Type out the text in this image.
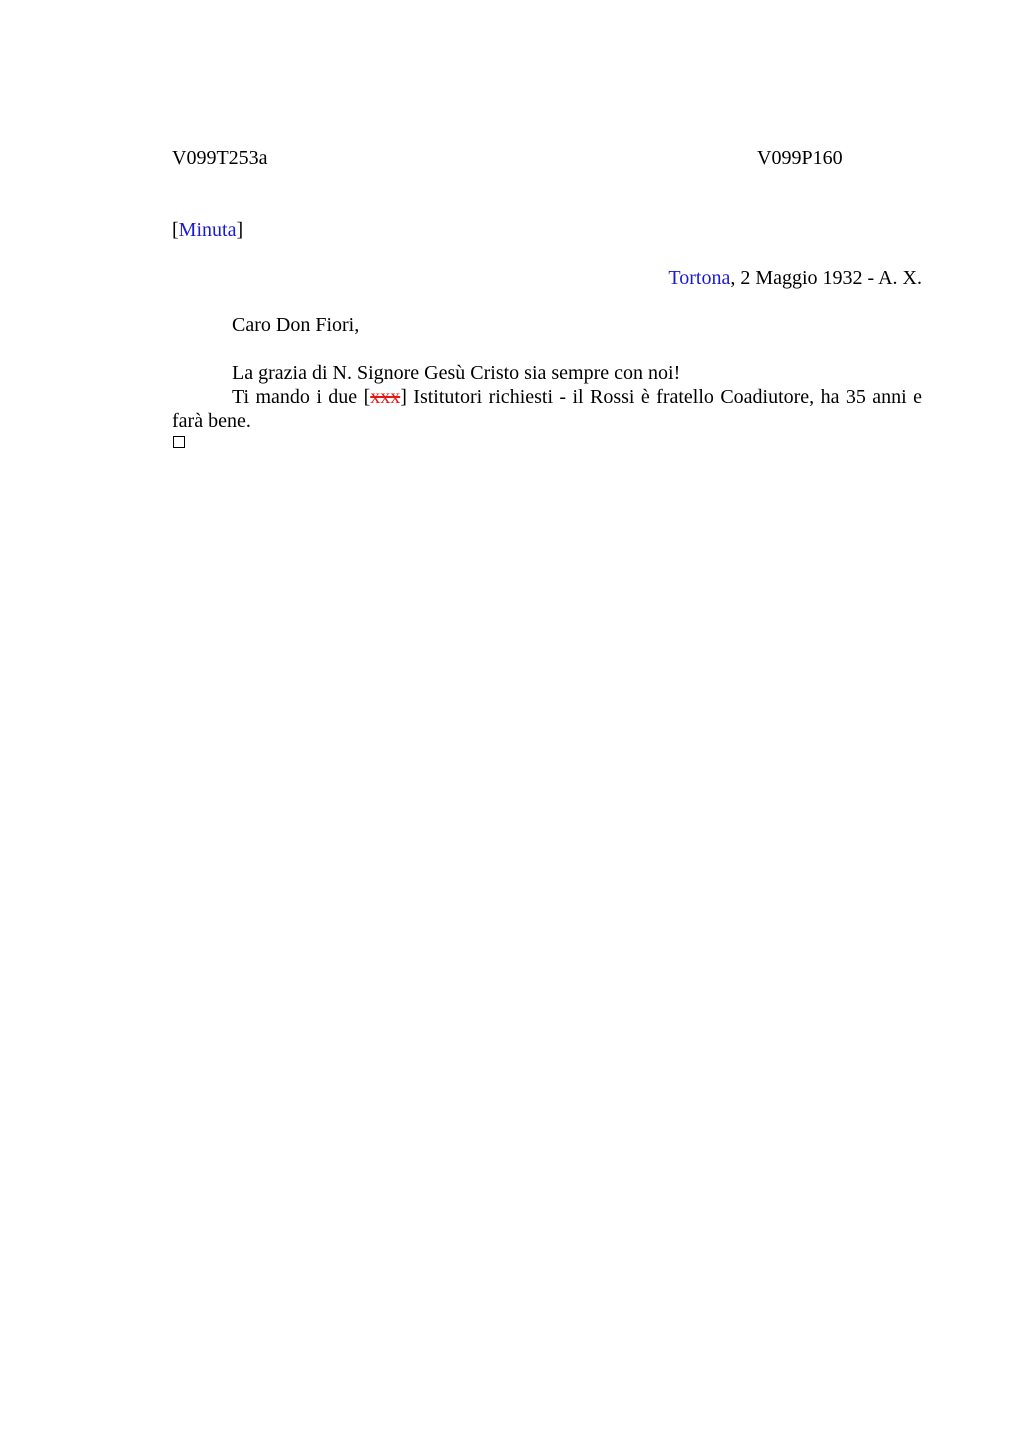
V099T253a	V099P160
[Minuta]
Tortona, 2 Maggio 1932 - A. X.
Caro Don Fiori,
La grazia di N. Signore Gesù Cristo sia sempre con noi!
Ti mando i due [xxx] Istitutori richiesti - il Rossi è fratello Coadiutore, ha 35 anni e farà bene.
